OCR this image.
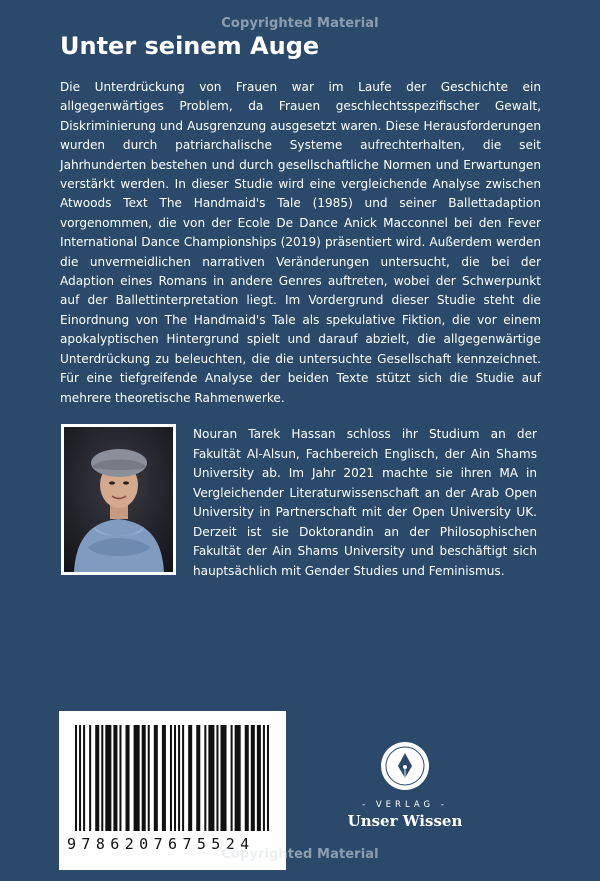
Copyrighted Material
Unter seinem Auge

Die Unterdrückung von Frauen war im Laufe der Geschichte ein allgegenwärtiges Problem, da Frauen geschlechtsspezifischer Gewalt, Diskriminierung und Ausgrenzung ausgesetzt waren. Diese Herausforderungen wurden durch patriarchalische Systeme aufrechterhalten, die seit Jahrhunderten bestehen und durch gesellschaftliche Normen und Erwartungen verstärkt werden. In dieser Studie wird eine vergleichende Analyse zwischen Atwoods Text The Handmaid's Tale (1985) und seiner Ballettadaption vorgenommen, die von der Ecole De Dance Anick Macconnel bei den Fever International Dance Championships (2019) präsentiert wird. Außerdem werden die unvermeidlichen narrativen Veränderungen untersucht, die bei der Adaption eines Romans in andere Genres auftreten, wobei der Schwerpunkt auf der Ballettinterpretation liegt. Im Vordergrund dieser Studie steht die Einordnung von The Handmaid's Tale als spekulative Fiktion, die vor einem apokalyptischen Hintergrund spielt und darauf abzielt, die allgegenwärtige Unterdrückung zu beleuchten, die die untersuchte Gesellschaft kennzeichnet. Für eine tiefgreifende Analyse der beiden Texte stützt sich die Studie auf mehrere theoretische Rahmenwerke.

Nouran Tarek Hassan schloss ihr Studium an der Fakultät Al-Alsun, Fachbereich Englisch, der Ain Shams University ab. Im Jahr 2021 machte sie ihren MA in Vergleichender Literaturwissenschaft an der Arab Open University in Partnerschaft mit der Open University UK. Derzeit ist sie Doktorandin an der Philosophischen Fakultät der Ain Shams University und beschäftigt sich hauptsächlich mit Gender Studies und Feminismus.

9786207675524
- VERLAG -
Unser Wissen
Copyrighted Material
